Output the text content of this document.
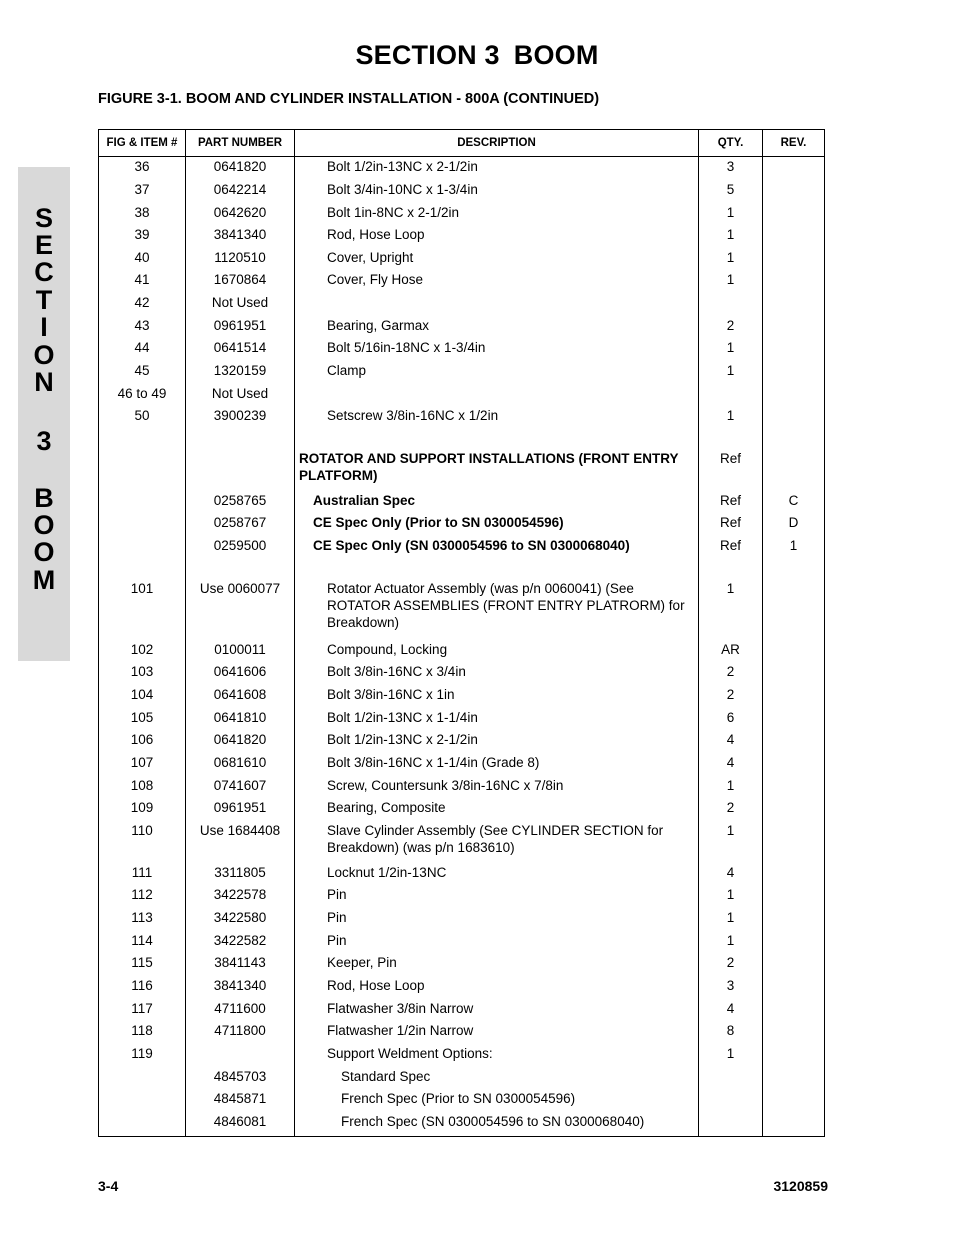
SECTION 3 BOOM
FIGURE 3-1. BOOM AND CYLINDER INSTALLATION - 800A (CONTINUED)
S
E
C
T
I
O
N
3
B
O
O
M
FIG & ITEM #	PART NUMBER	DESCRIPTION	QTY.	REV.
36	0641820	Bolt 1/2in-13NC x 2-1/2in	3	
37	0642214	Bolt 3/4in-10NC x 1-3/4in	5	
38	0642620	Bolt 1in-8NC x 2-1/2in	1	
39	3841340	Rod, Hose Loop	1	
40	1120510	Cover, Upright	1	
41	1670864	Cover, Fly Hose	1	
42	Not Used			
43	0961951	Bearing, Garmax	2	
44	0641514	Bolt 5/16in-18NC x 1-3/4in	1	
45	1320159	Clamp	1	
46 to 49	Not Used			
50	3900239	Setscrew 3/8in-16NC x 1/2in	1	

		ROTATOR AND SUPPORT INSTALLATIONS (FRONT ENTRY PLATFORM)	Ref	
	0258765	Australian Spec	Ref	C
	0258767	CE Spec Only (Prior to SN 0300054596)	Ref	D
	0259500	CE Spec Only (SN 0300054596 to SN 0300068040)	Ref	1

101	Use 0060077	Rotator Actuator Assembly (was p/n 0060041) (See ROTATOR ASSEMBLIES (FRONT ENTRY PLATRORM) for Breakdown)	1	
102	0100011	Compound, Locking	AR	
103	0641606	Bolt 3/8in-16NC x 3/4in	2	
104	0641608	Bolt 3/8in-16NC x 1in	2	
105	0641810	Bolt 1/2in-13NC x 1-1/4in	6	
106	0641820	Bolt 1/2in-13NC x 2-1/2in	4	
107	0681610	Bolt 3/8in-16NC x 1-1/4in (Grade 8)	4	
108	0741607	Screw, Countersunk 3/8in-16NC x 7/8in	1	
109	0961951	Bearing, Composite	2	
110	Use 1684408	Slave Cylinder Assembly (See CYLINDER SECTION for Breakdown) (was p/n 1683610)	1	
111	3311805	Locknut 1/2in-13NC	4	
112	3422578	Pin	1	
113	3422580	Pin	1	
114	3422582	Pin	1	
115	3841143	Keeper, Pin	2	
116	3841340	Rod, Hose Loop	3	
117	4711600	Flatwasher 3/8in Narrow	4	
118	4711800	Flatwasher 1/2in Narrow	8	
119		Support Weldment Options:	1	
	4845703	Standard Spec		
	4845871	French Spec (Prior to SN 0300054596)		
	4846081	French Spec (SN 0300054596 to SN 0300068040)		

3-4	3120859
